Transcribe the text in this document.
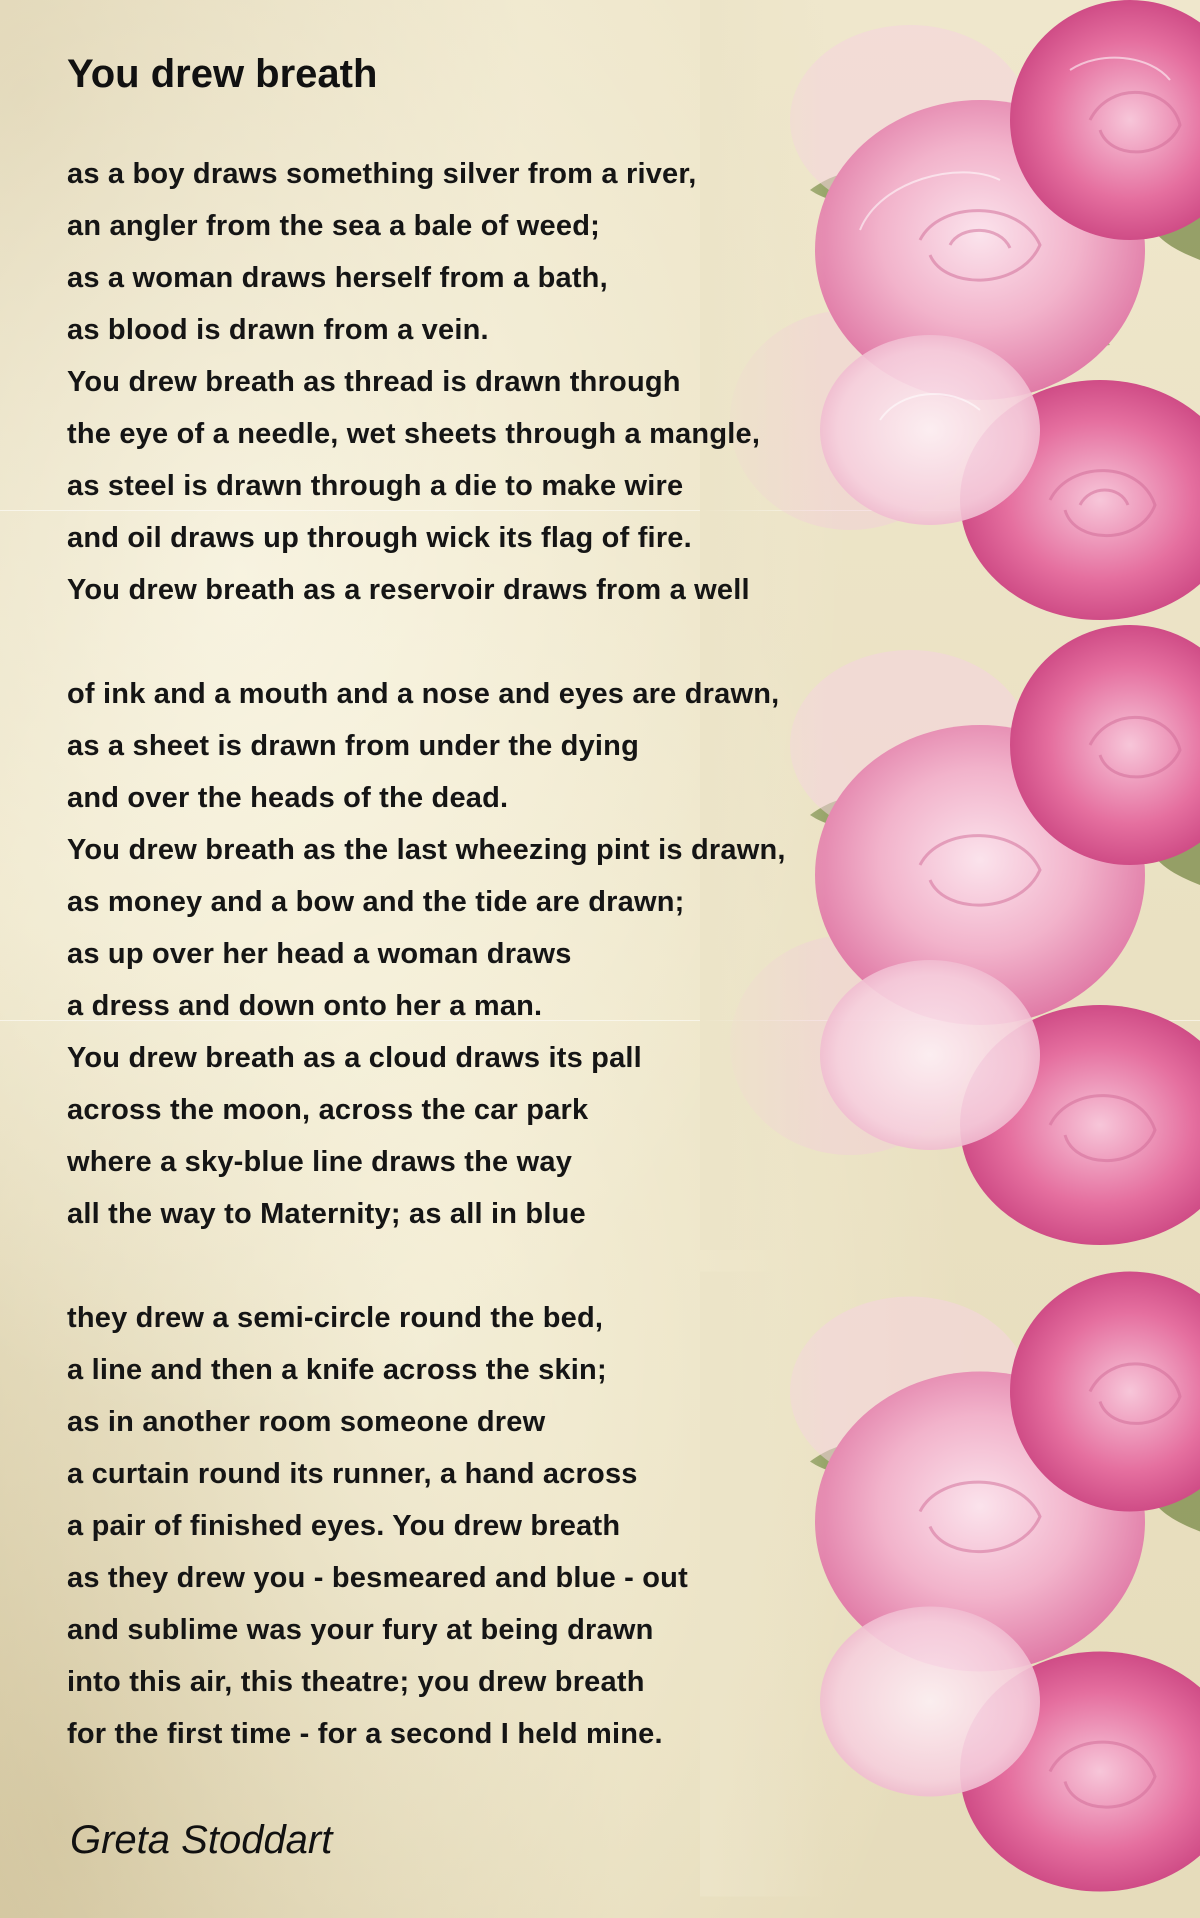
You drew breath
as a boy draws something silver from a river,
an angler from the sea a bale of weed;
as a woman draws herself from a bath,
as blood is drawn from a vein.
You drew breath as thread is drawn through
the eye of a needle, wet sheets through a mangle,
as steel is drawn through a die to make wire
and oil draws up through wick its flag of fire.
You drew breath as a reservoir draws from a well
of ink and a mouth and a nose and eyes are drawn,
as a sheet is drawn from under the dying
and over the heads of the dead.
You drew breath as the last wheezing pint is drawn,
as money and a bow and the tide are drawn;
as up over her head a woman draws
a dress and down onto her a man.
You drew breath as a cloud draws its pall
across the moon, across the car park
where a sky-blue line draws the way
all the way to Maternity; as all in blue
they drew a semi-circle round the bed,
a line and then a knife across the skin;
as in another room someone drew
a curtain round its runner, a hand across
a pair of finished eyes. You drew breath
as they drew you - besmeared and blue - out
and sublime was your fury at being drawn
into this air, this theatre; you drew breath
for the first time - for a second I held mine.

Greta Stoddart
